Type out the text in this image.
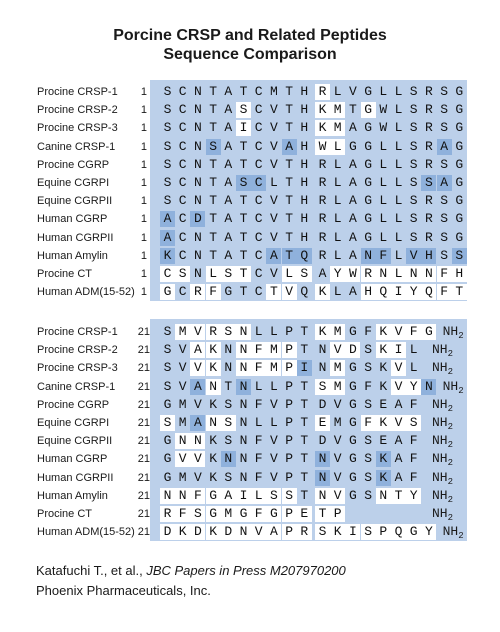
Porcine CRSP and Related Peptides
Sequence Comparison
Procine CRSP-1	1 S C N T A T C M T H R L V G L L S R S G
Procine CRSP-2	1 S C N T A S C V T H K M T G W L S R S G
Procine CRSP-3	1 S C N T A I C V T H K M A G W L S R S G
Canine CRSP-1	1 S C N S A T C V A H W L G G L L S R A G
Procine CGRP	1 S C N T A T C V T H R L A G L L S R S G
Equine CGRPI	1 S C N T A S C L T H R L A G L L S S A G
Equine CGRPII	1 S C N T A T C V T H R L A G L L S R S G
Human CGRP	1 A C D T A T C V T H R L A G L L S R S G
Human CGRPII	1 A C N T A T C V T H R L A G L L S R S G
Human Amylin	1 K C N T A T C A T Q R L A N F L V H S S
Procine CT	1 C S N L S T C V L S A Y W R N L N N F H
Human ADM(15-52) 1 G C R F G T C T V Q K L A H Q I Y Q F T
Procine CRSP-1	21 S M V R S N L L P T K M G F K V F G $NH_2$
Procine CRSP-2	21 S V A K N N F M P T N V D S K I L $NH_2$
Procine CRSP-3	21 S V V K N N F M P I N M G S K V L $NH_2$
Canine CRSP-1	21 S V A N T N L L P T S M G F K V Y N $NH_2$
Procine CGRP	21 G M V K S N F V P T D V G S E A F $NH_2$
Equine CGRPI	21 S M A N S N L L P T E M G F K V S $NH_2$
Equine CGRPII	21 G N N K S N F V P T D V G S E A F $NH_2$
Human CGRP	21 G V V K N N F V P T N V G S K A F $NH_2$
Human CGRPII	21 G M V K S N F V P T N V G S K A F $NH_2$
Human Amylin	21 N N F G A I L S S T N V G S N T Y $NH_2$
Procine CT	21 R F S G M G F G P E T P	$NH_2$
Human ADM(15-52) 21 D K D K D N V A P R S K I S P Q G Y $NH_2$
Katafuchi T., et al., JBC Papers in Press M207970200
Phoenix Pharmaceuticals, Inc.
